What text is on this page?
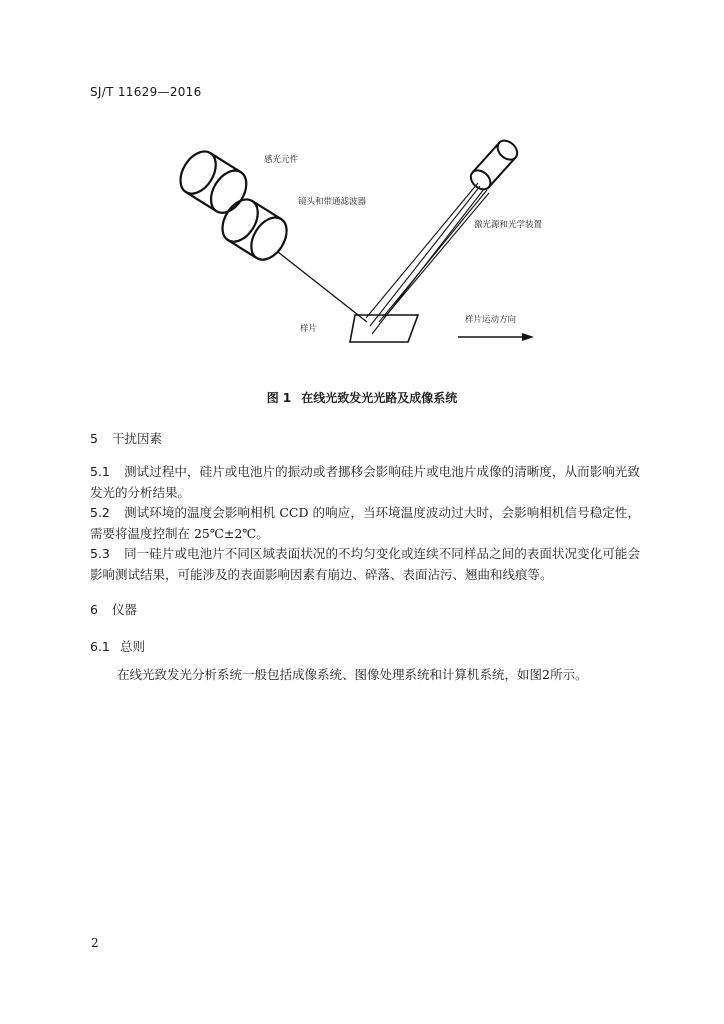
SJ/T 11629—2016
感光元件
镜头和带通滤波器
激光源和光学装置
样片
样片运动方向
图 1 在线光致发光光路及成像系统
5 干扰因素
5.1 测试过程中，硅片或电池片的振动或者挪移会影响硅片或电池片成像的清晰度，从而影响光致发光的分析结果。
5.2 测试环境的温度会影响相机 CCD 的响应，当环境温度波动过大时，会影响相机信号稳定性，需要将温度控制在 25℃±2℃。
5.3 同一硅片或电池片不同区域表面状况的不均匀变化或连续不同样品之间的表面状况变化可能会影响测试结果，可能涉及的表面影响因素有崩边、碎落、表面沾污、翘曲和线痕等。
6 仪器
6.1 总则
在线光致发光分析系统一般包括成像系统、图像处理系统和计算机系统，如图2所示。
2
